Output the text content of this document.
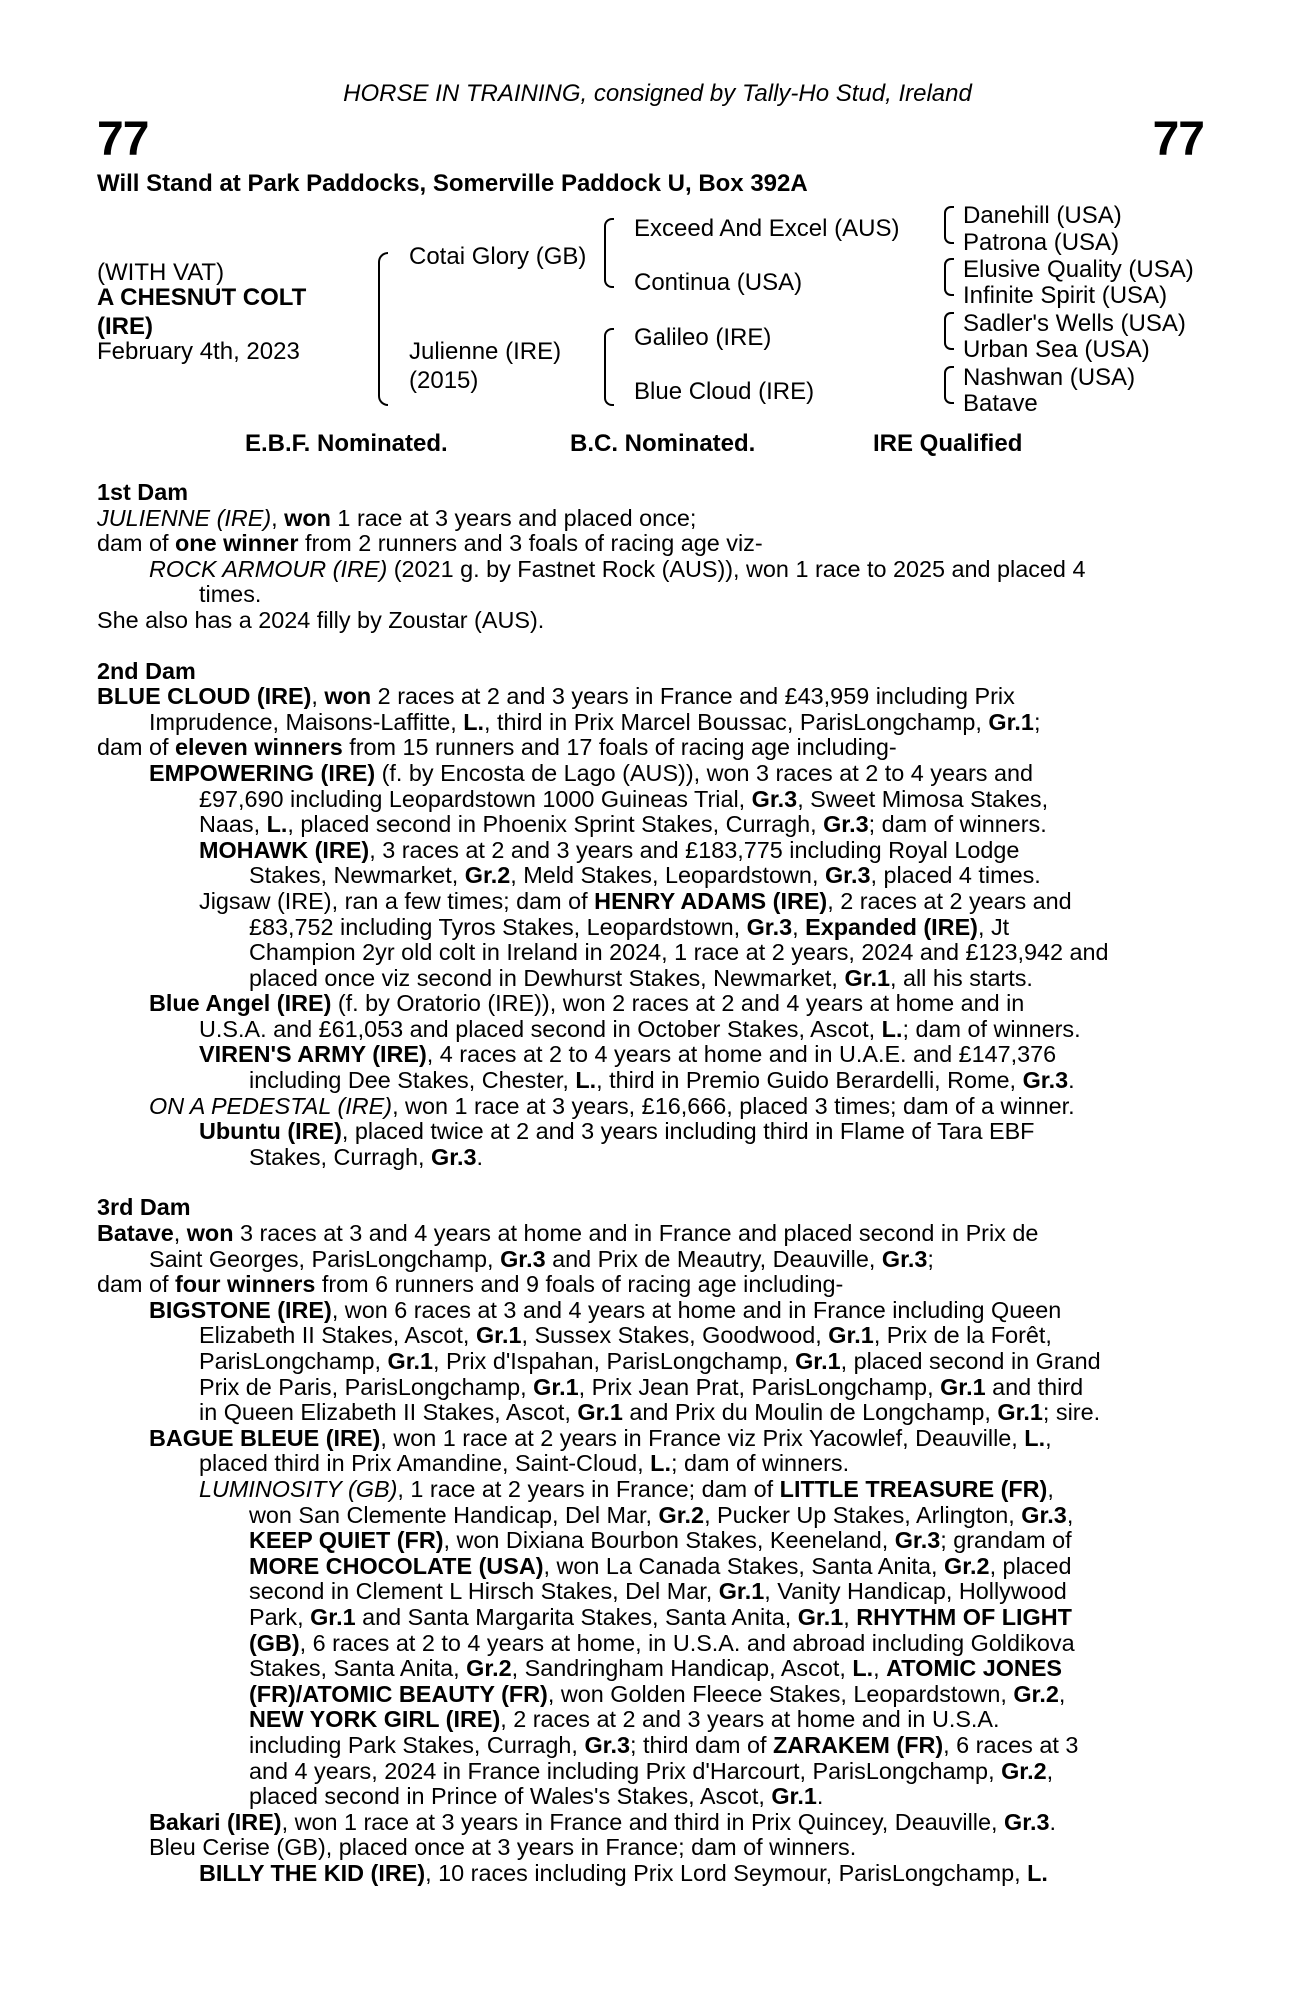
HORSE IN TRAINING, consigned by Tally-Ho Stud, Ireland
77	77
Will Stand at Park Paddocks, Somerville Paddock U, Box 392A
(WITH VAT)
A CHESNUT COLT
(IRE)
February 4th, 2023
Cotai Glory (GB)
Julienne (IRE)
(2015)
Exceed And Excel (AUS)
Continua (USA)
Galileo (IRE)
Blue Cloud (IRE)
Danehill (USA)
Patrona (USA)
Elusive Quality (USA)
Infinite Spirit (USA)
Sadler's Wells (USA)
Urban Sea (USA)
Nashwan (USA)
Batave
E.B.F. Nominated.	B.C. Nominated.	IRE Qualified
1st Dam
JULIENNE (IRE), won 1 race at 3 years and placed once;
dam of one winner from 2 runners and 3 foals of racing age viz-
ROCK ARMOUR (IRE) (2021 g. by Fastnet Rock (AUS)), won 1 race to 2025 and placed 4
times.
She also has a 2024 filly by Zoustar (AUS).
2nd Dam
BLUE CLOUD (IRE), won 2 races at 2 and 3 years in France and £43,959 including Prix
Imprudence, Maisons-Laffitte, L., third in Prix Marcel Boussac, ParisLongchamp, Gr.1;
dam of eleven winners from 15 runners and 17 foals of racing age including-
EMPOWERING (IRE) (f. by Encosta de Lago (AUS)), won 3 races at 2 to 4 years and
£97,690 including Leopardstown 1000 Guineas Trial, Gr.3, Sweet Mimosa Stakes,
Naas, L., placed second in Phoenix Sprint Stakes, Curragh, Gr.3; dam of winners.
MOHAWK (IRE), 3 races at 2 and 3 years and £183,775 including Royal Lodge
Stakes, Newmarket, Gr.2, Meld Stakes, Leopardstown, Gr.3, placed 4 times.
Jigsaw (IRE), ran a few times; dam of HENRY ADAMS (IRE), 2 races at 2 years and
£83,752 including Tyros Stakes, Leopardstown, Gr.3, Expanded (IRE), Jt
Champion 2yr old colt in Ireland in 2024, 1 race at 2 years, 2024 and £123,942 and
placed once viz second in Dewhurst Stakes, Newmarket, Gr.1, all his starts.
Blue Angel (IRE) (f. by Oratorio (IRE)), won 2 races at 2 and 4 years at home and in
U.S.A. and £61,053 and placed second in October Stakes, Ascot, L.; dam of winners.
VIREN'S ARMY (IRE), 4 races at 2 to 4 years at home and in U.A.E. and £147,376
including Dee Stakes, Chester, L., third in Premio Guido Berardelli, Rome, Gr.3.
ON A PEDESTAL (IRE), won 1 race at 3 years, £16,666, placed 3 times; dam of a winner.
Ubuntu (IRE), placed twice at 2 and 3 years including third in Flame of Tara EBF
Stakes, Curragh, Gr.3.
3rd Dam
Batave, won 3 races at 3 and 4 years at home and in France and placed second in Prix de
Saint Georges, ParisLongchamp, Gr.3 and Prix de Meautry, Deauville, Gr.3;
dam of four winners from 6 runners and 9 foals of racing age including-
BIGSTONE (IRE), won 6 races at 3 and 4 years at home and in France including Queen
Elizabeth II Stakes, Ascot, Gr.1, Sussex Stakes, Goodwood, Gr.1, Prix de la Forêt,
ParisLongchamp, Gr.1, Prix d'Ispahan, ParisLongchamp, Gr.1, placed second in Grand
Prix de Paris, ParisLongchamp, Gr.1, Prix Jean Prat, ParisLongchamp, Gr.1 and third
in Queen Elizabeth II Stakes, Ascot, Gr.1 and Prix du Moulin de Longchamp, Gr.1; sire.
BAGUE BLEUE (IRE), won 1 race at 2 years in France viz Prix Yacowlef, Deauville, L.,
placed third in Prix Amandine, Saint-Cloud, L.; dam of winners.
LUMINOSITY (GB), 1 race at 2 years in France; dam of LITTLE TREASURE (FR),
won San Clemente Handicap, Del Mar, Gr.2, Pucker Up Stakes, Arlington, Gr.3,
KEEP QUIET (FR), won Dixiana Bourbon Stakes, Keeneland, Gr.3; grandam of
MORE CHOCOLATE (USA), won La Canada Stakes, Santa Anita, Gr.2, placed
second in Clement L Hirsch Stakes, Del Mar, Gr.1, Vanity Handicap, Hollywood
Park, Gr.1 and Santa Margarita Stakes, Santa Anita, Gr.1, RHYTHM OF LIGHT
(GB), 6 races at 2 to 4 years at home, in U.S.A. and abroad including Goldikova
Stakes, Santa Anita, Gr.2, Sandringham Handicap, Ascot, L., ATOMIC JONES
(FR)/ATOMIC BEAUTY (FR), won Golden Fleece Stakes, Leopardstown, Gr.2,
NEW YORK GIRL (IRE), 2 races at 2 and 3 years at home and in U.S.A.
including Park Stakes, Curragh, Gr.3; third dam of ZARAKEM (FR), 6 races at 3
and 4 years, 2024 in France including Prix d'Harcourt, ParisLongchamp, Gr.2,
placed second in Prince of Wales's Stakes, Ascot, Gr.1.
Bakari (IRE), won 1 race at 3 years in France and third in Prix Quincey, Deauville, Gr.3.
Bleu Cerise (GB), placed once at 3 years in France; dam of winners.
BILLY THE KID (IRE), 10 races including Prix Lord Seymour, ParisLongchamp, L.
